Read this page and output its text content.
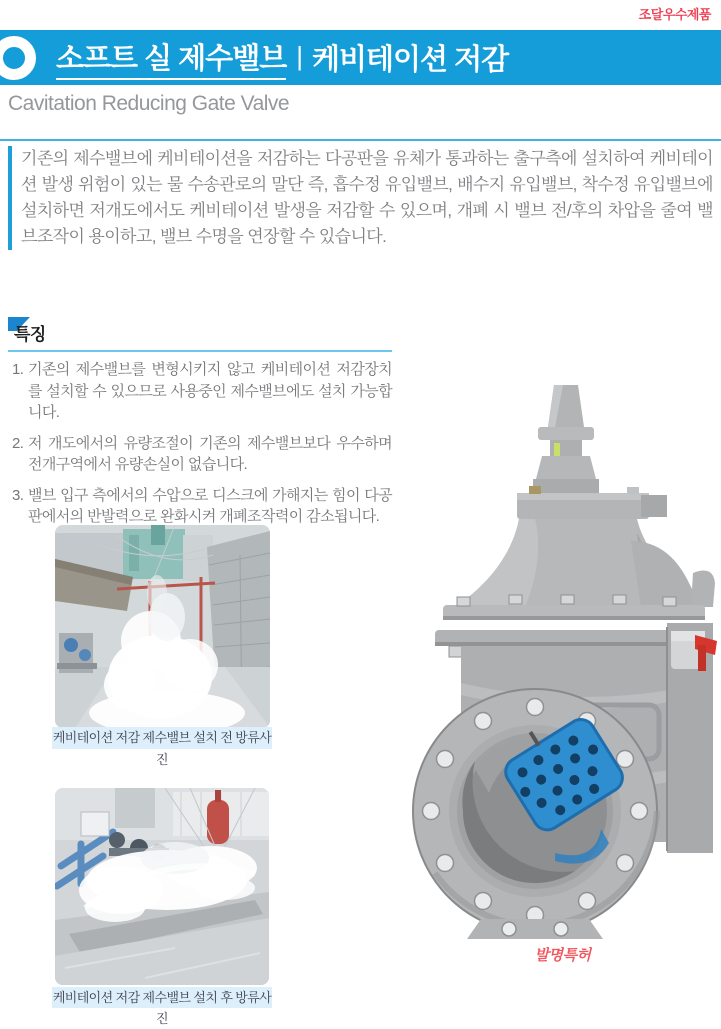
조달우수제품
소프트 실 제수밸브 | 케비테이션 저감
Cavitation Reducing Gate Valve
기존의 제수밸브에 케비테이션을 저감하는 다공판을 유체가 통과하는 출구측에 설치하여 케비테이션 발생 위험이 있는 물 수송관로의 말단 즉, 흡수정 유입밸브, 배수지 유입밸브, 착수정 유입밸브에 설치하면 저개도에서도 케비테이션 발생을 저감할 수 있으며, 개폐 시 밸브 전/후의 차압을 줄여 밸브조작이 용이하고, 밸브 수명을 연장할 수 있습니다.
특징
1. 기존의 제수밸브를 변형시키지 않고 케비테이션 저감장치를 설치할 수 있으므로 사용중인 제수밸브에도 설치 가능합니다.
2. 저 개도에서의 유량조절이 기존의 제수밸브보다 우수하며 전개구역에서 유량손실이 없습니다.
3. 밸브 입구 측에서의 수압으로 디스크에 가해지는 힘이 다공판에서의 반발력으로 완화시켜 개폐조작력이 감소됩니다.
케비테이션 저감 제수밸브 설치 전 방류사진
케비테이션 저감 제수밸브 설치 후 방류사진
발명특허
